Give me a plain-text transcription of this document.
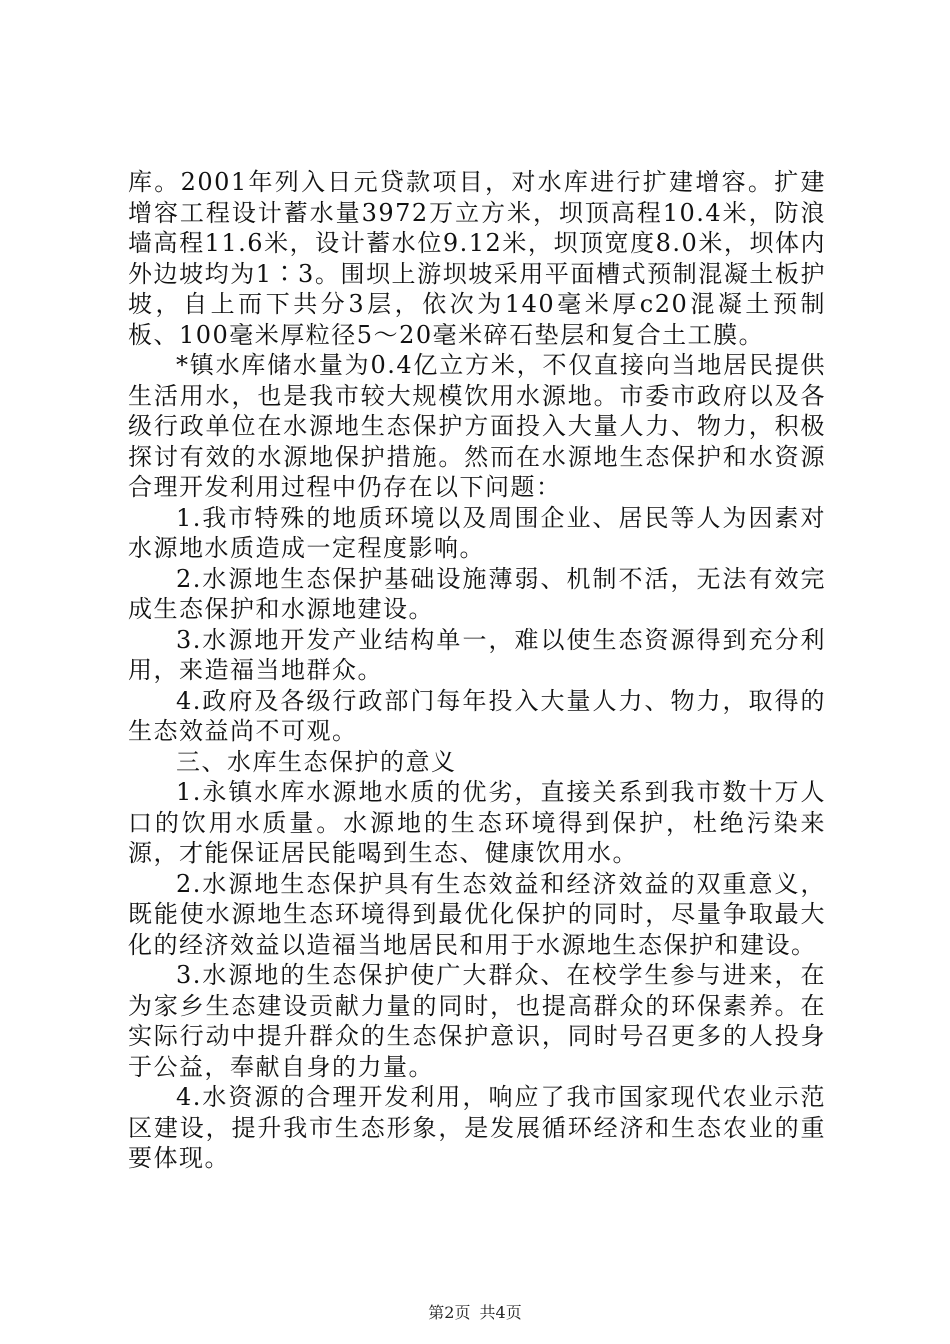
库。2001年列入日元贷款项目，对水库进行扩建增容。扩建增容工程设计蓄水量3972万立方米，坝顶高程10.4米，防浪墙高程11.6米，设计蓄水位9.12米，坝顶宽度8.0米，坝体内外边坡均为1∶3。围坝上游坝坡采用平面槽式预制混凝土板护坡，自上而下共分3层，依次为140毫米厚c20混凝土预制板、100毫米厚粒径5～20毫米碎石垫层和复合土工膜。

*镇水库储水量为0.4亿立方米，不仅直接向当地居民提供生活用水，也是我市较大规模饮用水源地。市委市政府以及各级行政单位在水源地生态保护方面投入大量人力、物力，积极探讨有效的水源地保护措施。然而在水源地生态保护和水资源合理开发利用过程中仍存在以下问题：

1.我市特殊的地质环境以及周围企业、居民等人为因素对水源地水质造成一定程度影响。

2.水源地生态保护基础设施薄弱、机制不活，无法有效完成生态保护和水源地建设。

3.水源地开发产业结构单一，难以使生态资源得到充分利用，来造福当地群众。

4.政府及各级行政部门每年投入大量人力、物力，取得的生态效益尚不可观。

三、水库生态保护的意义

1.永镇水库水源地水质的优劣，直接关系到我市数十万人口的饮用水质量。水源地的生态环境得到保护，杜绝污染来源，才能保证居民能喝到生态、健康饮用水。

2.水源地生态保护具有生态效益和经济效益的双重意义，既能使水源地生态环境得到最优化保护的同时，尽量争取最大化的经济效益以造福当地居民和用于水源地生态保护和建设。

3.水源地的生态保护使广大群众、在校学生参与进来，在为家乡生态建设贡献力量的同时，也提高群众的环保素养。在实际行动中提升群众的生态保护意识，同时号召更多的人投身于公益，奉献自身的力量。

4.水资源的合理开发利用，响应了我市国家现代农业示范区建设，提升我市生态形象，是发展循环经济和生态农业的重要体现。

第2页 共4页
